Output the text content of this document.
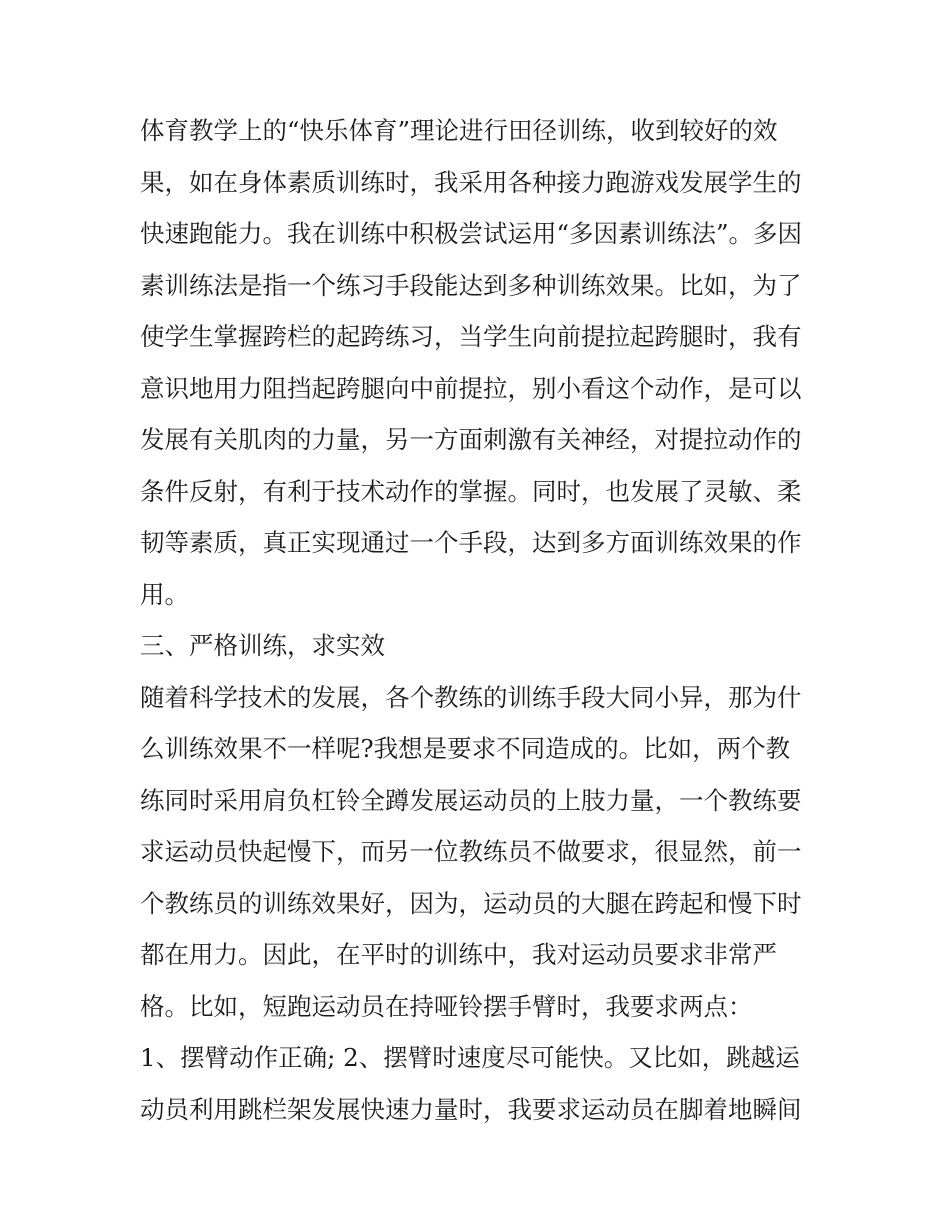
体育教学上的“快乐体育”理论进行田径训练，收到较好的效
果，如在身体素质训练时，我采用各种接力跑游戏发展学生的
快速跑能力。我在训练中积极尝试运用“多因素训练法”。多因
素训练法是指一个练习手段能达到多种训练效果。比如，为了
使学生掌握跨栏的起跨练习，当学生向前提拉起跨腿时，我有
意识地用力阻挡起跨腿向中前提拉，别小看这个动作，是可以
发展有关肌肉的力量，另一方面刺激有关神经，对提拉动作的
条件反射，有利于技术动作的掌握。同时，也发展了灵敏、柔
韧等素质，真正实现通过一个手段，达到多方面训练效果的作
用。
三、严格训练，求实效
随着科学技术的发展，各个教练的训练手段大同小异，那为什
么训练效果不一样呢?我想是要求不同造成的。比如，两个教
练同时采用肩负杠铃全蹲发展运动员的上肢力量，一个教练要
求运动员快起慢下，而另一位教练员不做要求，很显然，前一
个教练员的训练效果好，因为，运动员的大腿在跨起和慢下时
都在用力。因此，在平时的训练中，我对运动员要求非常严
格。比如，短跑运动员在持哑铃摆手臂时，我要求两点：
1、摆臂动作正确; 2、摆臂时速度尽可能快。又比如，跳越运
动员利用跳栏架发展快速力量时，我要求运动员在脚着地瞬间
